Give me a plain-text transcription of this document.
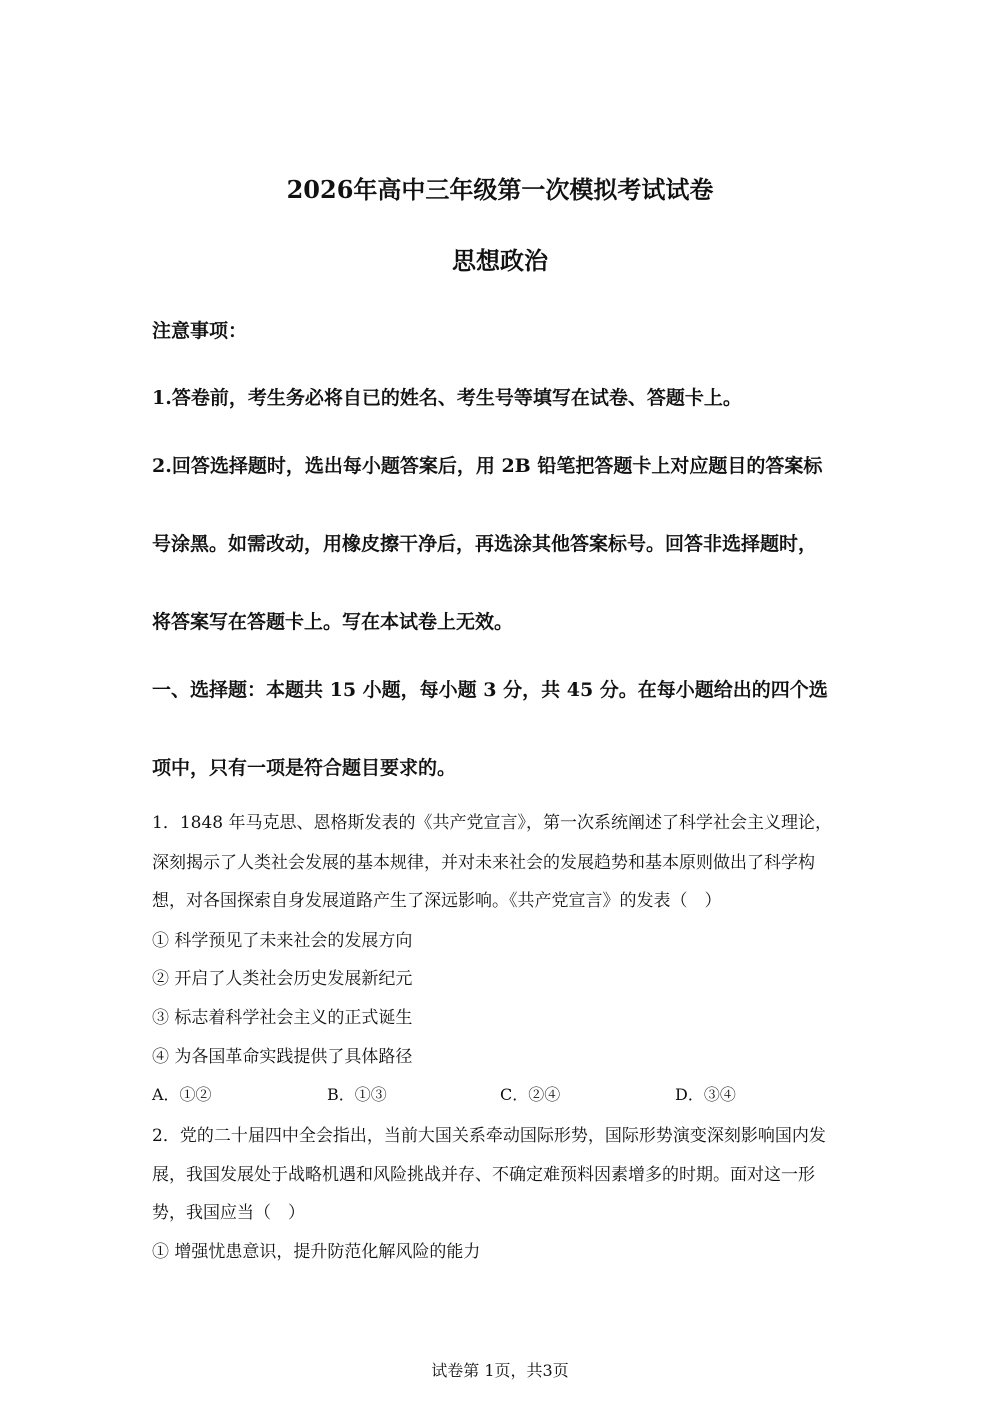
2026年高中三年级第一次模拟考试试卷
思想政治
注意事项：
1.答卷前，考生务必将自已的姓名、考生号等填写在试卷、答题卡上。
2.回答选择题时，选出每小题答案后，用 2B 铅笔把答题卡上对应题目的答案标
号涂黑。如需改动，用橡皮擦干净后，再选涂其他答案标号。回答非选择题时，
将答案写在答题卡上。写在本试卷上无效。
一、选择题：本题共 15 小题，每小题 3 分，共 45 分。在每小题给出的四个选
项中，只有一项是符合题目要求的。
1．1848 年马克思、恩格斯发表的《共产党宣言》，第一次系统阐述了科学社会主义理论，
深刻揭示了人类社会发展的基本规律，并对未来社会的发展趋势和基本原则做出了科学构
想，对各国探索自身发展道路产生了深远影响。《共产党宣言》的发表（　）
① 科学预见了未来社会的发展方向
② 开启了人类社会历史发展新纪元
③ 标志着科学社会主义的正式诞生
④ 为各国革命实践提供了具体路径
A．①②	B．①③	C．②④	D．③④
2．党的二十届四中全会指出，当前大国关系牵动国际形势，国际形势演变深刻影响国内发
展，我国发展处于战略机遇和风险挑战并存、不确定难预料因素增多的时期。面对这一形
势，我国应当（　）
① 增强忧患意识，提升防范化解风险的能力
试卷第 1页，共3页
